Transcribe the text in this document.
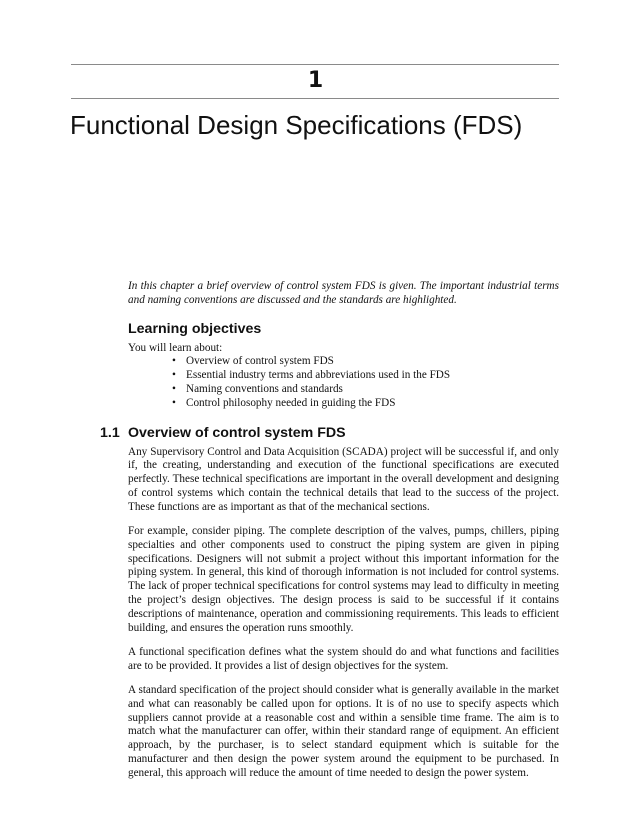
1
Functional Design Specifications (FDS)

In this chapter a brief overview of control system FDS is given. The important industrial terms and naming conventions are discussed and the standards are highlighted.

Learning objectives

You will learn about:

• Overview of control system FDS
• Essential industry terms and abbreviations used in the FDS
• Naming conventions and standards
• Control philosophy needed in guiding the FDS
1.1 Overview of control system FDS

Any Supervisory Control and Data Acquisition (SCADA) project will be successful if, and only if, the creating, understanding and execution of the functional specifications are executed perfectly. These technical specifications are important in the overall development and designing of control systems which contain the technical details that lead to the success of the project. These functions are as important as that of the mechanical sections.

For example, consider piping. The complete description of the valves, pumps, chillers, piping specialties and other components used to construct the piping system are given in piping specifications. Designers will not submit a project without this important information for the piping system. In general, this kind of thorough information is not included for control systems. The lack of proper technical specifications for control systems may lead to difficulty in meeting the project’s design objectives. The design process is said to be successful if it contains descriptions of maintenance, operation and commissioning requirements. This leads to efficient building, and ensures the operation runs smoothly.

A functional specification defines what the system should do and what functions and facilities are to be provided. It provides a list of design objectives for the system.

A standard specification of the project should consider what is generally available in the market and what can reasonably be called upon for options. It is of no use to specify aspects which suppliers cannot provide at a reasonable cost and within a sensible time frame. The aim is to match what the manufacturer can offer, within their standard range of equipment. An efficient approach, by the purchaser, is to select standard equipment which is suitable for the manufacturer and then design the power system around the equipment to be purchased. In general, this approach will reduce the amount of time needed to design the power system.
